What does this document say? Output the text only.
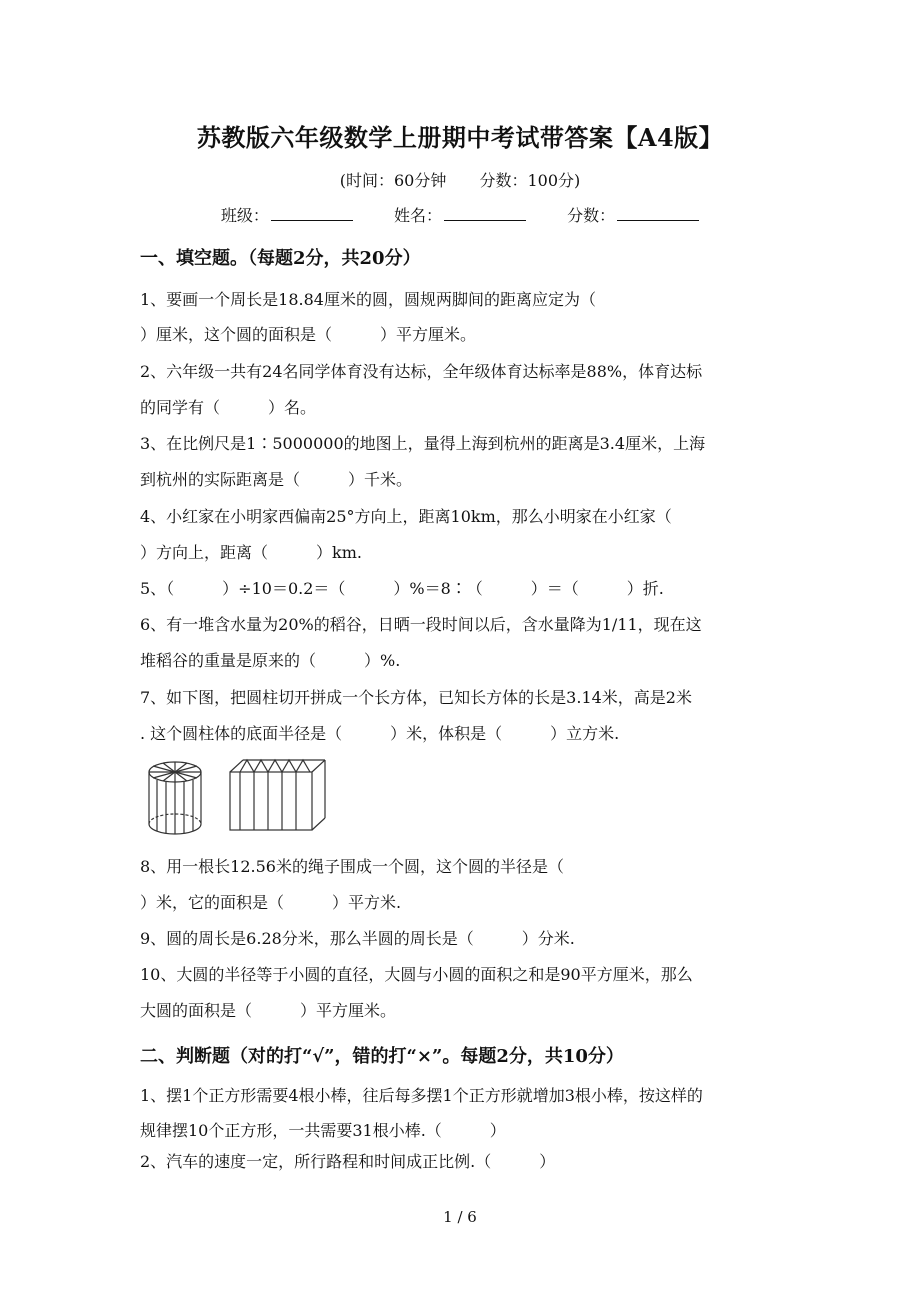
苏教版六年级数学上册期中考试带答案【A4版】
(时间：60分钟 分数：100分)
班级：	姓名：	分数：
一、填空题。（每题2分，共20分）
1、要画一个周长是18.84厘米的圆，圆规两脚间的距离应定为（
）厘米，这个圆的面积是（　　　）平方厘米。
2、六年级一共有24名同学体育没有达标，全年级体育达标率是88%，体育达标
的同学有（　　　）名。
3、在比例尺是1∶5000000的地图上，量得上海到杭州的距离是3.4厘米，上海
到杭州的实际距离是（　　　）千米。
4、小红家在小明家西偏南25°方向上，距离10km，那么小明家在小红家（
）方向上，距离（　　　）km.
5、（　　　）÷10＝0.2＝（　　　）%＝8∶（　　　）＝（　　　）折.
6、有一堆含水量为20%的稻谷，日晒一段时间以后，含水量降为1/11，现在这
堆稻谷的重量是原来的（　　　）%.
7、如下图，把圆柱切开拼成一个长方体，已知长方体的长是3.14米，高是2米
. 这个圆柱体的底面半径是（　　　）米，体积是（　　　）立方米.
8、用一根长12.56米的绳子围成一个圆，这个圆的半径是（
）米，它的面积是（　　　）平方米.
9、圆的周长是6.28分米，那么半圆的周长是（　　　）分米.
10、大圆的半径等于小圆的直径，大圆与小圆的面积之和是90平方厘米，那么
大圆的面积是（　　　）平方厘米。
二、判断题（对的打“√”，错的打“×”。每题2分，共10分）
1、摆1个正方形需要4根小棒，往后每多摆1个正方形就增加3根小棒，按这样的
规律摆10个正方形，一共需要31根小棒.（　　　）
2、汽车的速度一定，所行路程和时间成正比例.（　　　）
1 / 6
